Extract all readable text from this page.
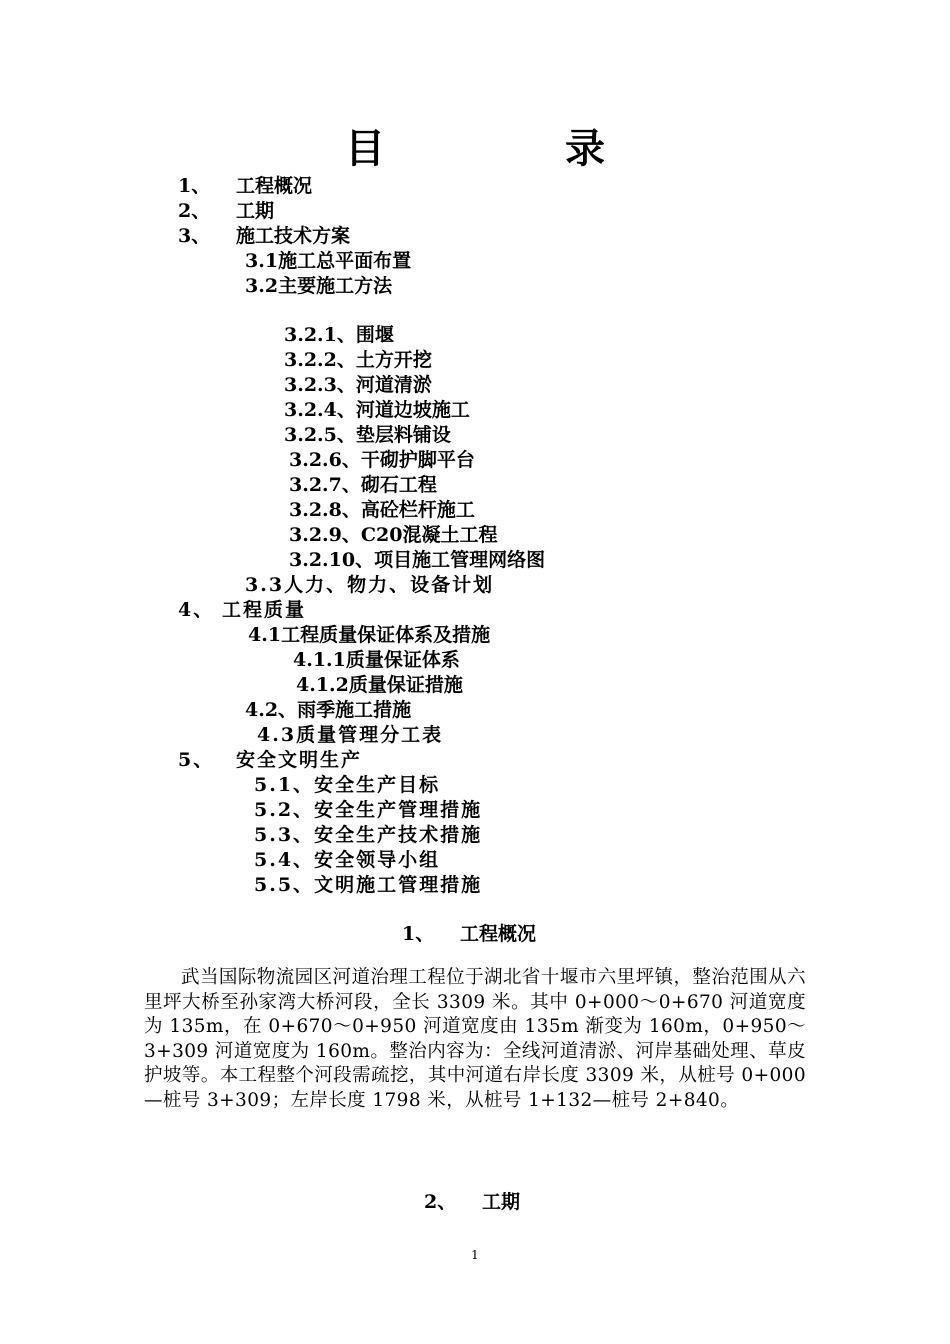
目　录
1、 工程概况
2、 工期
3、 施工技术方案
3.1施工总平面布置
3.2主要施工方法
3.2.1、围堰
3.2.2、土方开挖
3.2.3、河道清淤
3.2.4、河道边坡施工
3.2.5、垫层料铺设
3.2.6、干砌护脚平台
3.2.7、砌石工程
3.2.8、高砼栏杆施工
3.2.9、C20混凝土工程
3.2.10、项目施工管理网络图
3.3人力、物力、设备计划
4、 工程质量
4.1工程质量保证体系及措施
4.1.1质量保证体系
4.1.2质量保证措施
4.2、雨季施工措施
4.3质量管理分工表
5、 安全文明生产
5.1、安全生产目标
5.2、安全生产管理措施
5.3、安全生产技术措施
5.4、安全领导小组
5.5、文明施工管理措施
1、 工程概况
武当国际物流园区河道治理工程位于湖北省十堰市六里坪镇，整治范围从六里坪大桥至孙家湾大桥河段，全长 3309 米。其中 0+000～0+670 河道宽度为 135m，在 0+670～0+950 河道宽度由 135m 渐变为 160m，0+950～3+309 河道宽度为 160m。整治内容为：全线河道清淤、河岸基础处理、草皮护坡等。本工程整个河段需疏挖，其中河道右岸长度 3309 米，从桩号 0+000—桩号 3+309；左岸长度 1798 米，从桩号 1+132—桩号 2+840。
2、 工期
1
